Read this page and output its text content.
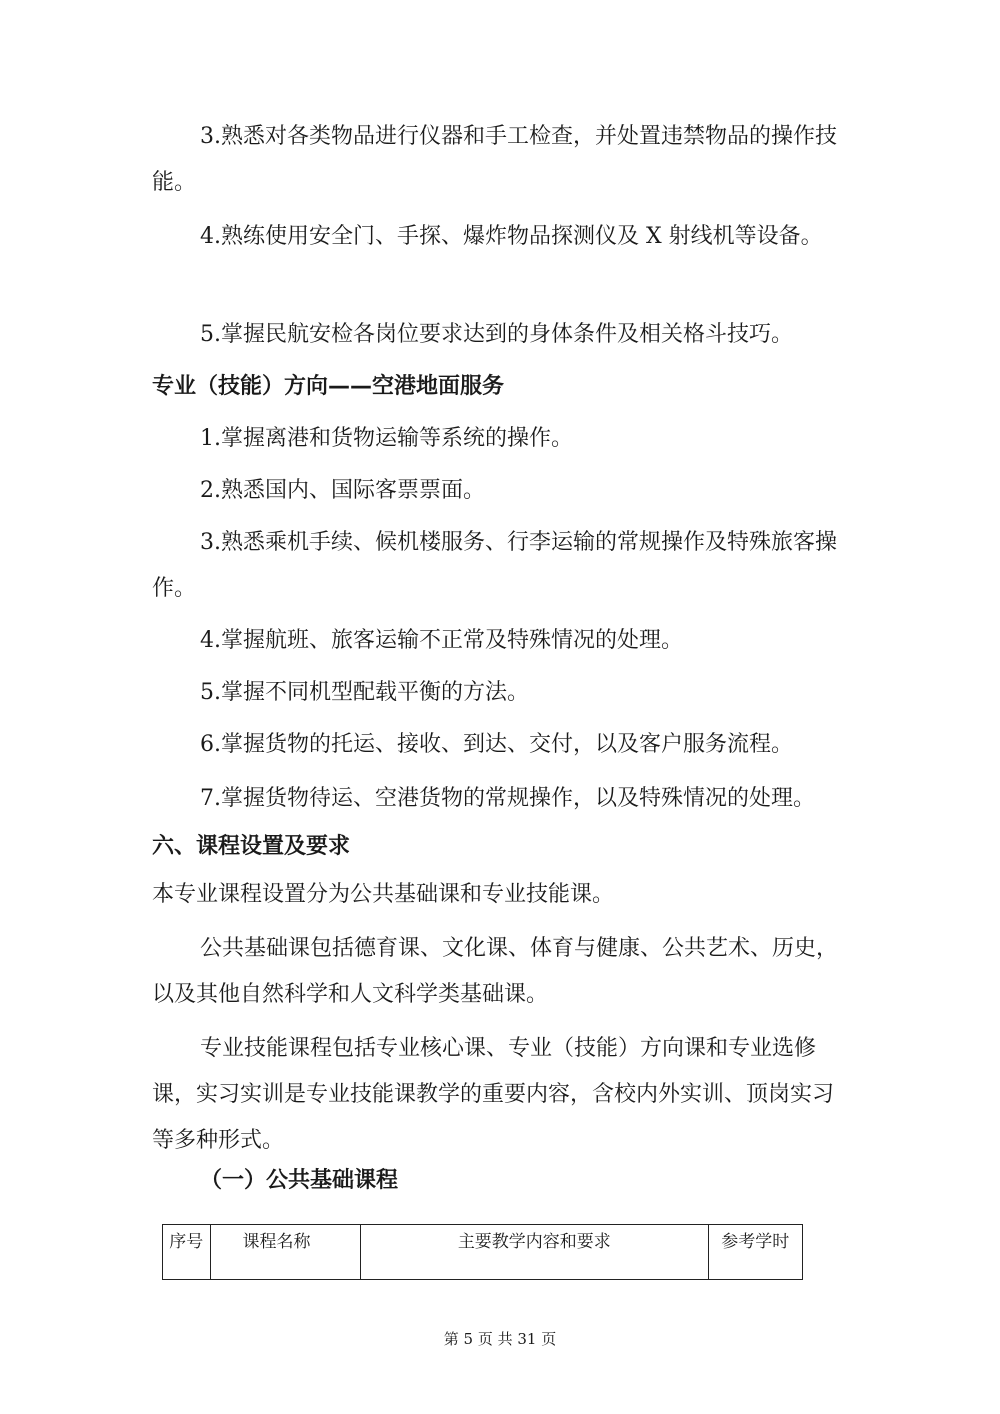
3.熟悉对各类物品进行仪器和手工检查，并处置违禁物品的操作技能。

4.熟练使用安全门、手探、爆炸物品探测仪及 X 射线机等设备。

5.掌握民航安检各岗位要求达到的身体条件及相关格斗技巧。

专业（技能）方向——空港地面服务

1.掌握离港和货物运输等系统的操作。

2.熟悉国内、国际客票票面。

3.熟悉乘机手续、候机楼服务、行李运输的常规操作及特殊旅客操作。

4.掌握航班、旅客运输不正常及特殊情况的处理。

5.掌握不同机型配载平衡的方法。

6.掌握货物的托运、接收、到达、交付，以及客户服务流程。

7.掌握货物待运、空港货物的常规操作，以及特殊情况的处理。

六、课程设置及要求

本专业课程设置分为公共基础课和专业技能课。

公共基础课包括德育课、文化课、体育与健康、公共艺术、历史，以及其他自然科学和人文科学类基础课。

专业技能课程包括专业核心课、专业（技能）方向课和专业选修课，实习实训是专业技能课教学的重要内容，含校内外实训、顶岗实习等多种形式。

（一）公共基础课程
序号	课程名称	主要教学内容和要求	参考学时
第 5 页 共 31 页
